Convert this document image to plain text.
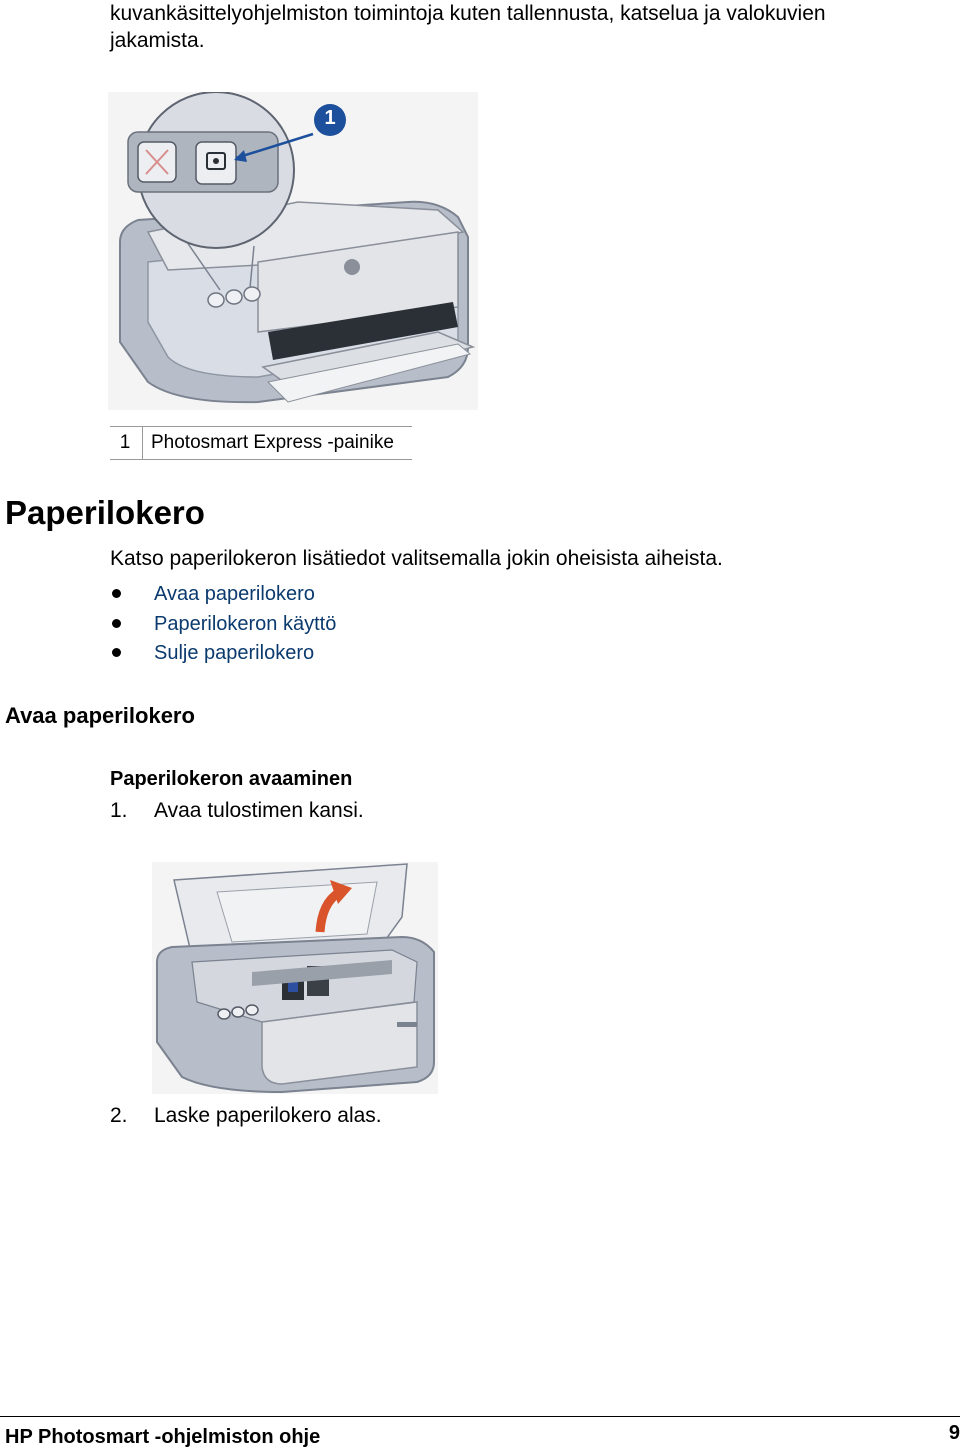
kuvankäsittelyohjelmiston toimintoja kuten tallennusta, katselua ja valokuvien
jakamista.
1
1	Photosmart Express -painike
Paperilokero
Katso paperilokeron lisätiedot valitsemalla jokin oheisista aiheista.
Avaa paperilokero
Paperilokeron käyttö
Sulje paperilokero
Avaa paperilokero
Paperilokeron avaaminen
1. Avaa tulostimen kansi.
2. Laske paperilokero alas.
HP Photosmart -ohjelmiston ohje	9
